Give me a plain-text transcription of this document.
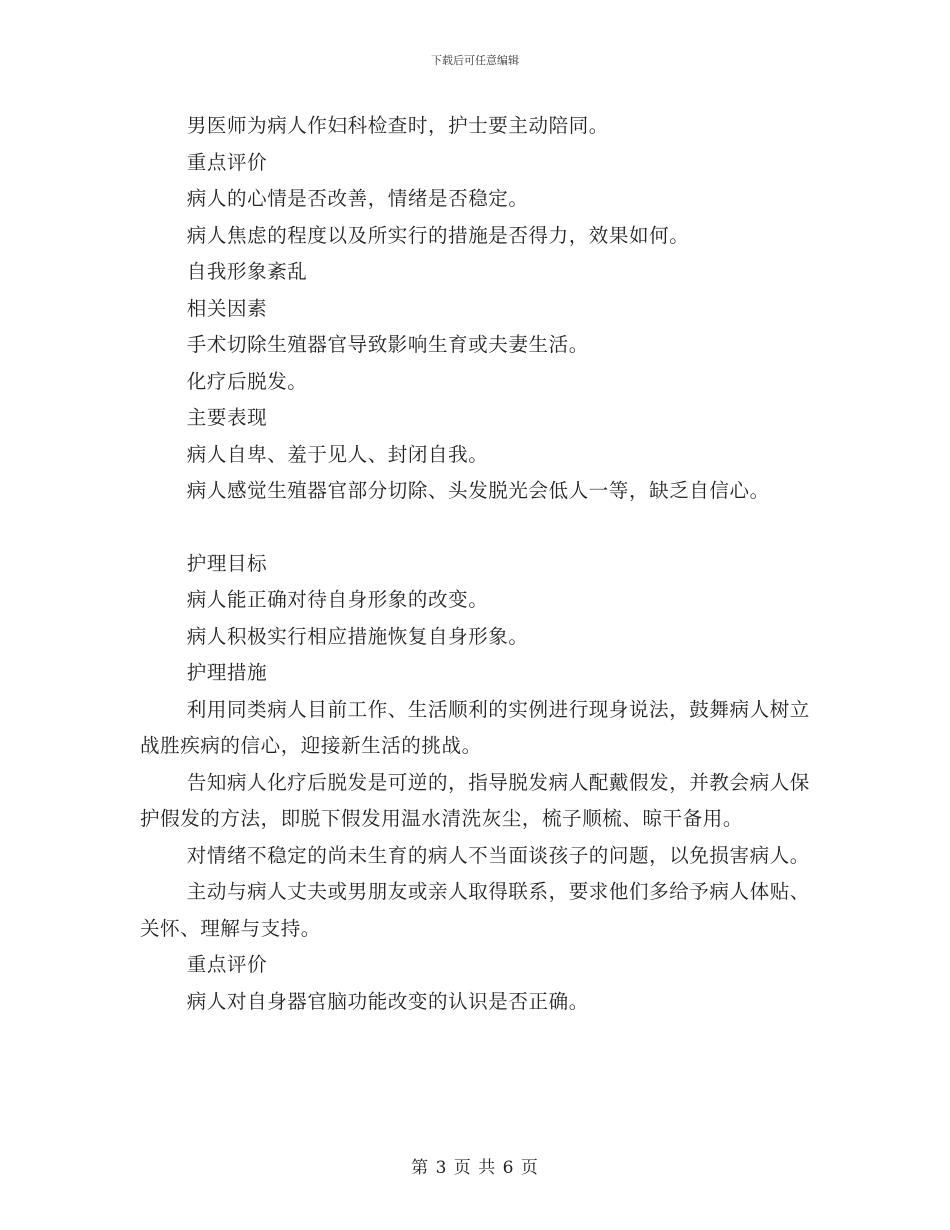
下载后可任意编辑

男医师为病人作妇科检查时，护士要主动陪同。

重点评价

病人的心情是否改善，情绪是否稳定。

病人焦虑的程度以及所实行的措施是否得力，效果如何。

自我形象紊乱

相关因素

手术切除生殖器官导致影响生育或夫妻生活。

化疗后脱发。

主要表现

病人自卑、羞于见人、封闭自我。

病人感觉生殖器官部分切除、头发脱光会低人一等，缺乏自信心。

护理目标

病人能正确对待自身形象的改变。

病人积极实行相应措施恢复自身形象。

护理措施

利用同类病人目前工作、生活顺利的实例进行现身说法，鼓舞病人树立战胜疾病的信心，迎接新生活的挑战。

告知病人化疗后脱发是可逆的，指导脱发病人配戴假发，并教会病人保护假发的方法，即脱下假发用温水清洗灰尘，梳子顺梳、晾干备用。

对情绪不稳定的尚未生育的病人不当面谈孩子的问题，以免损害病人。

主动与病人丈夫或男朋友或亲人取得联系，要求他们多给予病人体贴、关怀、理解与支持。

重点评价

病人对自身器官脑功能改变的认识是否正确。

第 3 页 共 6 页
